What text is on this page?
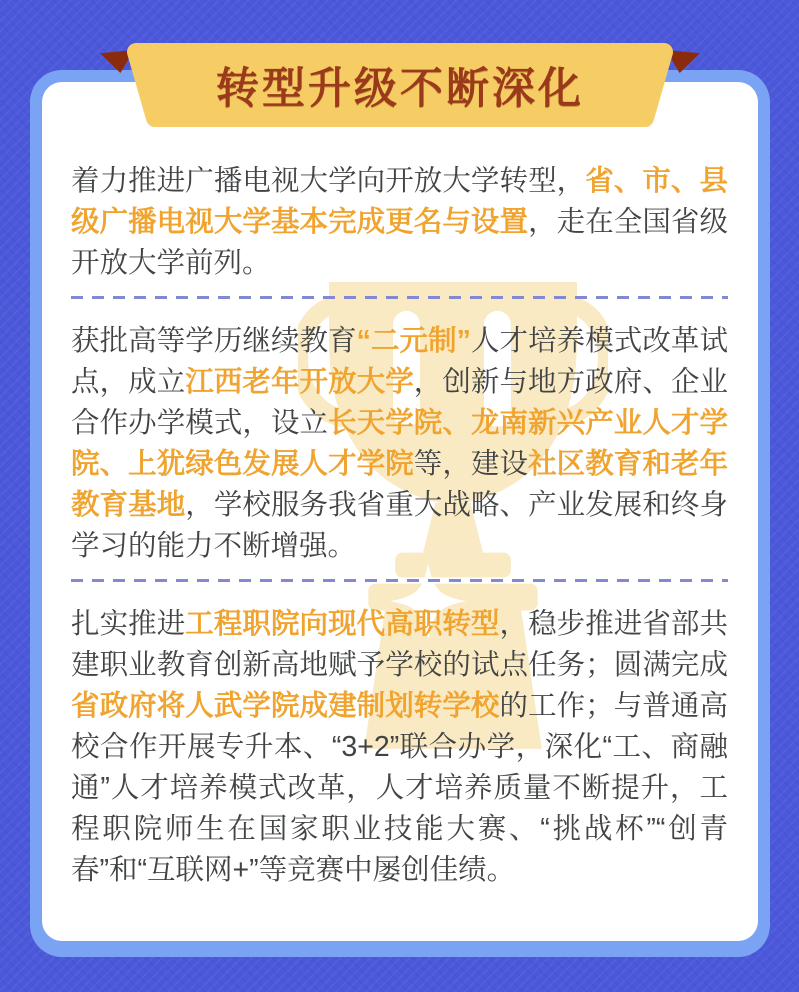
着力推进广播电视大学向开放大学转型，省、市、县级广播电视大学基本完成更名与设置，走在全国省级开放大学前列。

获批高等学历继续教育“二元制”人才培养模式改革试点，成立江西老年开放大学，创新与地方政府、企业合作办学模式，设立长天学院、龙南新兴产业人才学院、上犹绿色发展人才学院等，建设社区教育和老年教育基地，学校服务我省重大战略、产业发展和终身学习的能力不断增强。

扎实推进工程职院向现代高职转型，稳步推进省部共建职业教育创新高地赋予学校的试点任务；圆满完成省政府将人武学院成建制划转学校的工作；与普通高校合作开展专升本、“3+2”联合办学，深化“工、商融通”人才培养模式改革，人才培养质量不断提升，工程职院师生在国家职业技能大赛、“挑战杯”“创青春”和“互联网+”等竞赛中屡创佳绩。

转型升级不断深化
